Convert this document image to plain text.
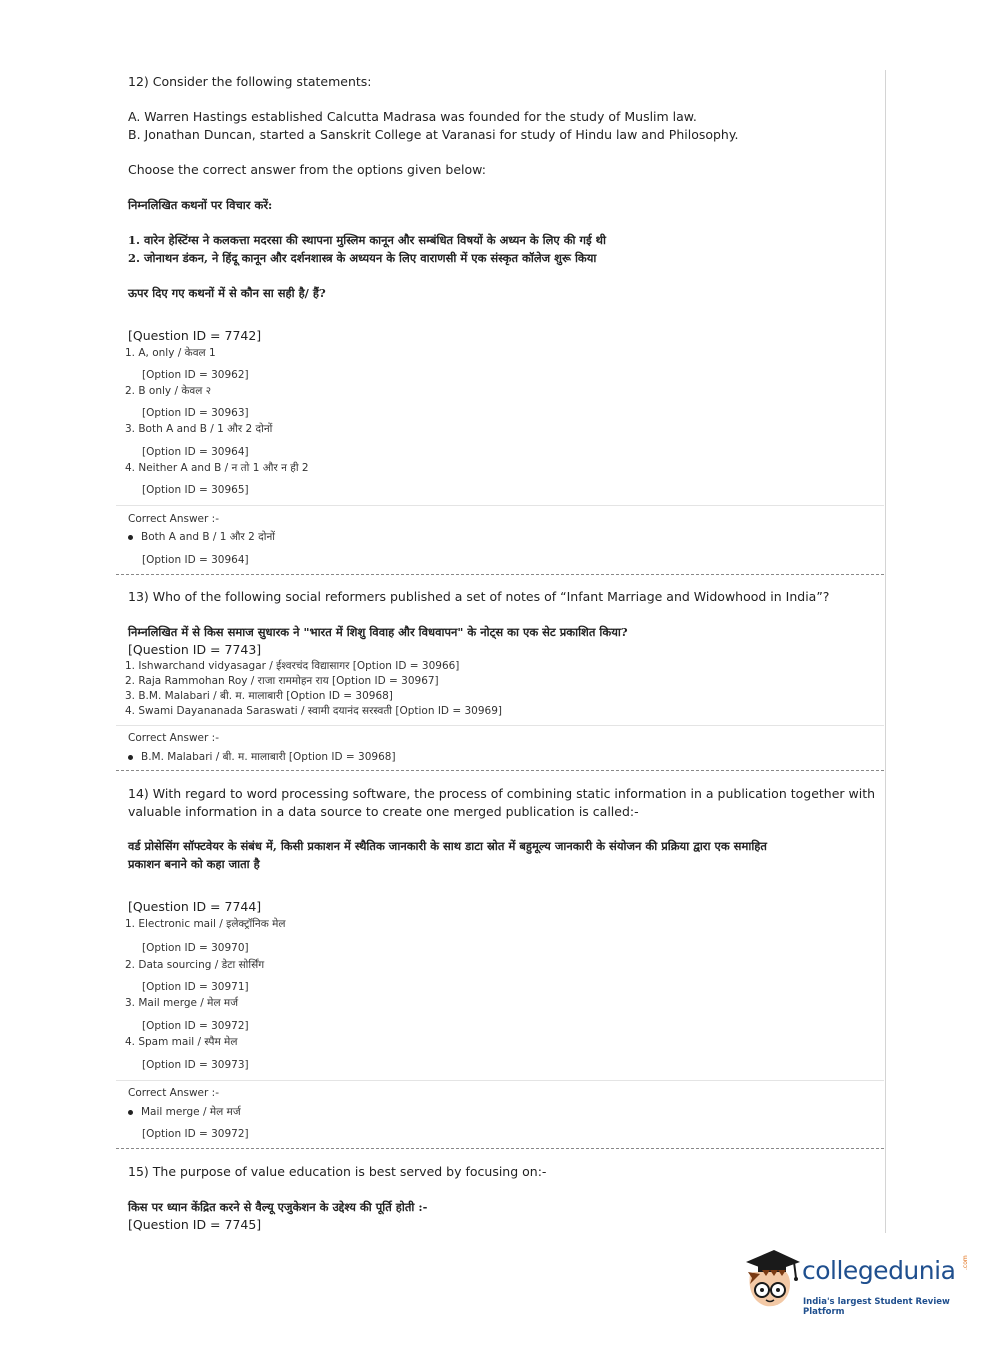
12) Consider the following statements:
A. Warren Hastings established Calcutta Madrasa was founded for the study of Muslim law.
B. Jonathan Duncan, started a Sanskrit College at Varanasi for study of Hindu law and Philosophy.
Choose the correct answer from the options given below:
निम्नलिखित कथनों पर विचार करें:
1. वारेन हेस्टिंग्स ने कलकत्ता मदरसा की स्थापना मुस्लिम कानून और सम्बंधित विषयों के अध्यन के लिए की गई थी
2. जोनाथन डंकन, ने हिंदू कानून और दर्शनशास्त्र के अध्ययन के लिए वाराणसी में एक संस्कृत कॉलेज शुरू किया
ऊपर दिए गए कथनों में से कौन सा सही है/ हैं?
[Question ID = 7742]
1. A, only / केवल 1
[Option ID = 30962]
2. B only / केवल २
[Option ID = 30963]
3. Both A and B / 1 और 2 दोनों
[Option ID = 30964]
4. Neither A and B / न तो 1 और न ही 2
[Option ID = 30965]
Correct Answer :-
Both A and B / 1 और 2 दोनों
[Option ID = 30964]
13) Who of the following social reformers published a set of notes of “Infant Marriage and Widowhood in India”?
निम्नलिखित में से किस समाज सुधारक ने "भारत में शिशु विवाह और विधवापन" के नोट्स का एक सेट प्रकाशित किया?
[Question ID = 7743]
1. Ishwarchand vidyasagar / ईश्वरचंद विद्यासागर [Option ID = 30966]
2. Raja Rammohan Roy / राजा राममोहन राय [Option ID = 30967]
3. B.M. Malabari / बी. म. मालाबारी [Option ID = 30968]
4. Swami Dayananada Saraswati / स्वामी दयानंद सरस्वती [Option ID = 30969]
Correct Answer :-
B.M. Malabari / बी. म. मालाबारी [Option ID = 30968]
14) With regard to word processing software, the process of combining static information in a publication together with
valuable information in a data source to create one merged publication is called:-
वर्ड प्रोसेसिंग सॉफ्टवेयर के संबंध में, किसी प्रकाशन में स्थैतिक जानकारी के साथ डाटा स्रोत में बहुमूल्य जानकारी के संयोजन की प्रक्रिया द्वारा एक समाहित
प्रकाशन बनाने को कहा जाता है
[Question ID = 7744]
1. Electronic mail / इलेक्ट्रॉनिक मेल
[Option ID = 30970]
2. Data sourcing / डेटा सोर्सिंग
[Option ID = 30971]
3. Mail merge / मेल मर्ज
[Option ID = 30972]
4. Spam mail / स्पैम मेल
[Option ID = 30973]
Correct Answer :-
Mail merge / मेल मर्ज
[Option ID = 30972]
15) The purpose of value education is best served by focusing on:-
किस पर ध्यान केंद्रित करने से वैल्यू एजुकेशन के उद्देश्य की पूर्ति होती :-
[Question ID = 7745]
collegedunia .com
India's largest Student Review Platform
